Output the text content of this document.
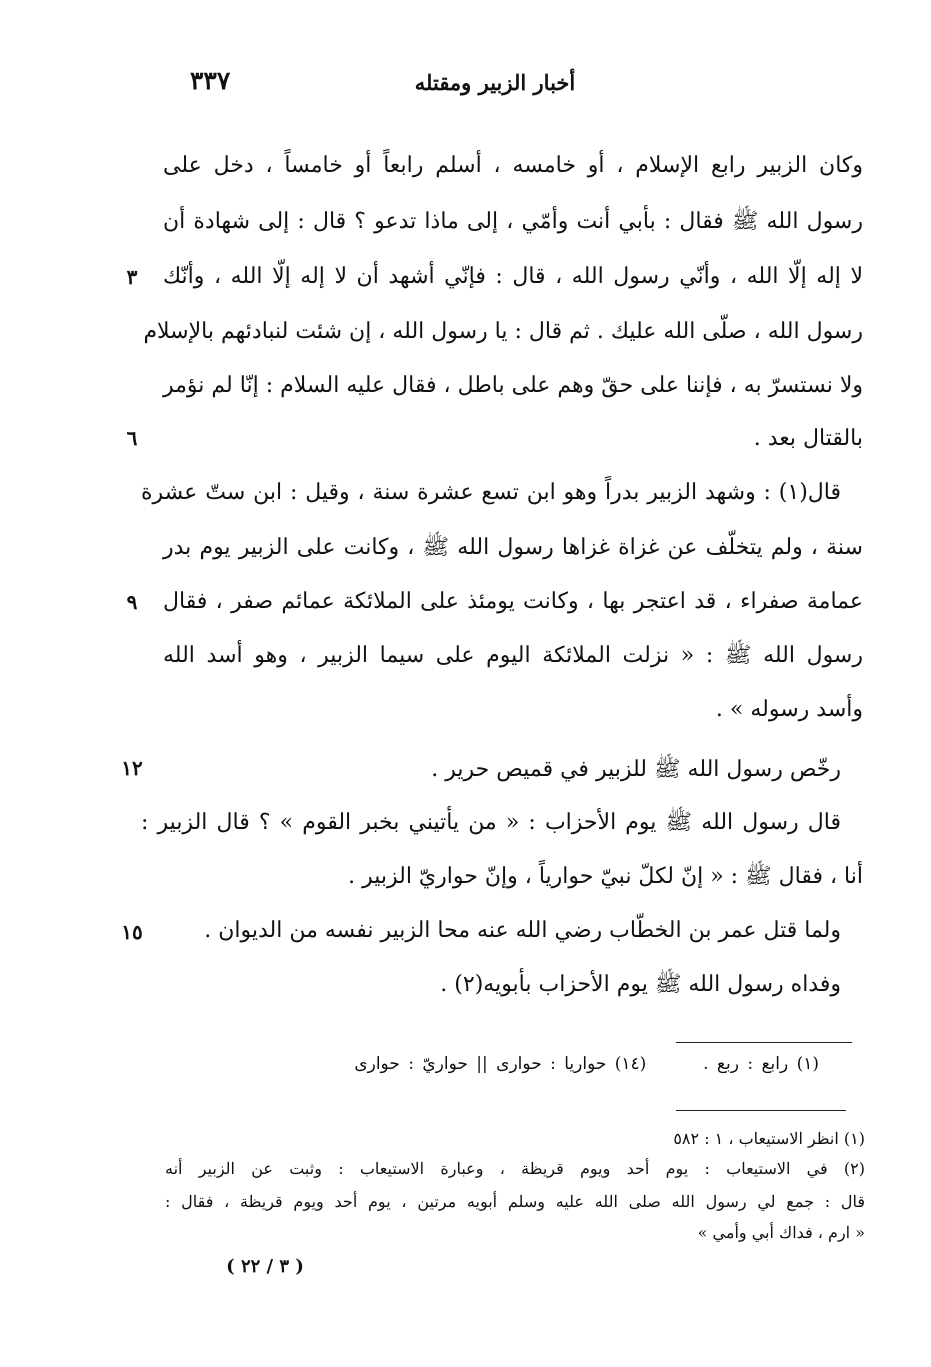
٣٣٧	أخبار الزبير ومقتله
وكان الزبير رابع الإسلام ، أو خامسه ، أسلم رابعاً أو خامساً ، دخل على
رسول الله ﷺ فقال : بأبي أنت وأمّي ، إلى ماذا تدعو ؟ قال : إلى شهادة أن
لا إله إلّا الله ، وأنّي رسول الله ، قال : فإنّي أشهد أن لا إله إلّا الله ، وأنّك
رسول الله ، صلّى الله عليك . ثم قال : يا رسول الله ، إن شئت لنبادئهم بالإسلام
ولا نستسرّ به ، فإننا على حقّ وهم على باطل ، فقال عليه السلام : إنّا لم نؤمر
بالقتال بعد .
قال(١) : وشهد الزبير بدراً وهو ابن تسع عشرة سنة ، وقيل : ابن ستّ عشرة
سنة ، ولم يتخلّف عن غزاة غزاها رسول الله ﷺ ، وكانت على الزبير يوم بدر
عمامة صفراء ، قد اعتجر بها ، وكانت يومئذ على الملائكة عمائم صفر ، فقال
رسول الله ﷺ : « نزلت الملائكة اليوم على سيما الزبير ، وهو أسد الله
وأسد رسوله » .
رخّص رسول الله ﷺ للزبير في قميص حرير .
قال رسول الله ﷺ يوم الأحزاب : « من يأتيني بخبر القوم » ؟ قال الزبير :
أنا ، فقال ﷺ : « إنّ لكلّ نبيّ حوارياً ، وإنّ حواريّ الزبير .
ولما قتل عمر بن الخطّاب رضي الله عنه محا الزبير نفسه من الديوان .
وفداه رسول الله ﷺ يوم الأحزاب بأبويه(٢) .
٣
٦
٩
١٢
١٥
(١) رابع : ربع .  (١٤) حواريا : حوارى || حواريّ : حوارى
(١) انظر الاستيعاب ، ١ : ٥٨٢
(٢) في الاستيعاب : يوم أحد ويوم قريظة ، وعبارة الاستيعاب : وثبت عن الزبير أنه
قال : جمع لي رسول الله صلى الله عليه وسلم أبويه مرتين ، يوم أحد ويوم قريظة ، فقال :
« ارم ، فداك أبي وأمي »
( ٣ / ٢٢ )
